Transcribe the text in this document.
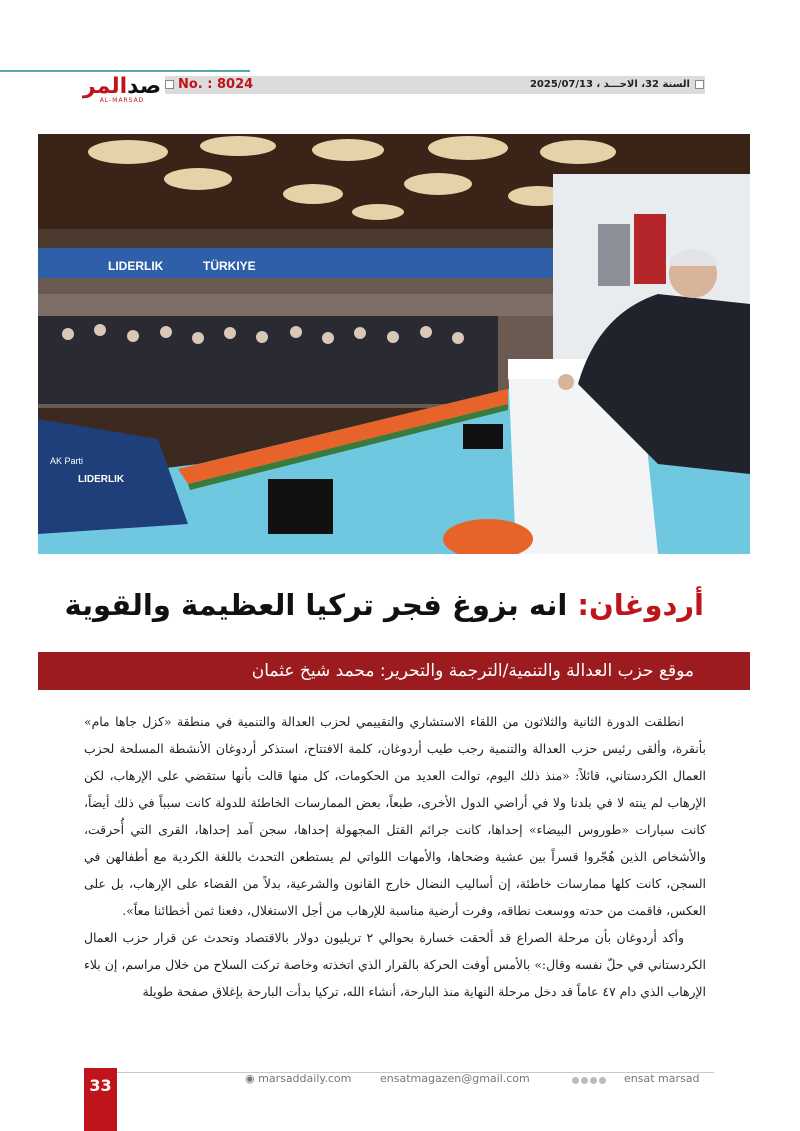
صدالمر
AL-MARSAD
No. : 8024	السنة 32، الاحـــد ، 2025/07/13
LIDERLIK	TÜRKIYE
AK Parti
LIDERLIK
أردوغان: انه بزوغ فجر تركيا العظيمة والقوية
موقع حزب العدالة والتنمية/الترجمة والتحرير: محمد شيخ عثمان

انطلقت الدورة الثانية والثلاثون من اللقاء الاستشاري والتقييمي لحزب العدالة والتنمية في منطقة «كزل جاها مام» بأنقرة، وألقى رئيس حزب العدالة والتنمية رجب طيب أردوغان، كلمة الافتتاح، استذكر أردوغان الأنشطة المسلحة لحزب العمال الكردستاني، قائلاً: «منذ ذلك اليوم، توالت العديد من الحكومات، كل منها قالت بأنها ستقضي على الإرهاب، لكن الإرهاب لم ينته لا في بلدنا ولا في أراضي الدول الأخرى، طبعاً، بعض الممارسات الخاطئة للدولة كانت سبباً في ذلك أيضاً، كانت سيارات «طوروس البيضاء» إحداها، كانت جرائم القتل المجهولة إحداها، سجن آمد إحداها، القرى التي أُحرقت، والأشخاص الذين هُجّروا قسراً بين عشية وضحاها، والأمهات اللواتي لم يستطعن التحدث باللغة الكردية مع أطفالهن في السجن، كانت كلها ممارسات خاطئة، إن أساليب النضال خارج القانون والشرعية، بدلاً من القضاء على الإرهاب، بل على العكس، فاقمت من حدته ووسعت نطاقه، وفرت أرضية مناسبة للإرهاب من أجل الاستغلال، دفعنا ثمن أخطائنا معاً».

وأكد أردوغان بأن مرحلة الصراع قد ألحقت خسارة بحوالي ٢ تريليون دولار بالاقتصاد وتحدث عن قرار حزب العمال الكردستاني في حلّ نفسه وقال:» بالأمس أوفت الحركة بالقرار الذي اتخذته وخاصة تركت السلاح من خلال مراسم، إن بلاء الإرهاب الذي دام ٤٧ عاماً قد دخل مرحلة النهاية منذ البارحة، أنشاء الله، تركيا بدأت البارحة بإغلاق صفحة طويلة

33	◉ marsaddaily.com	ensatmagazen@gmail.com	ensat marsad
